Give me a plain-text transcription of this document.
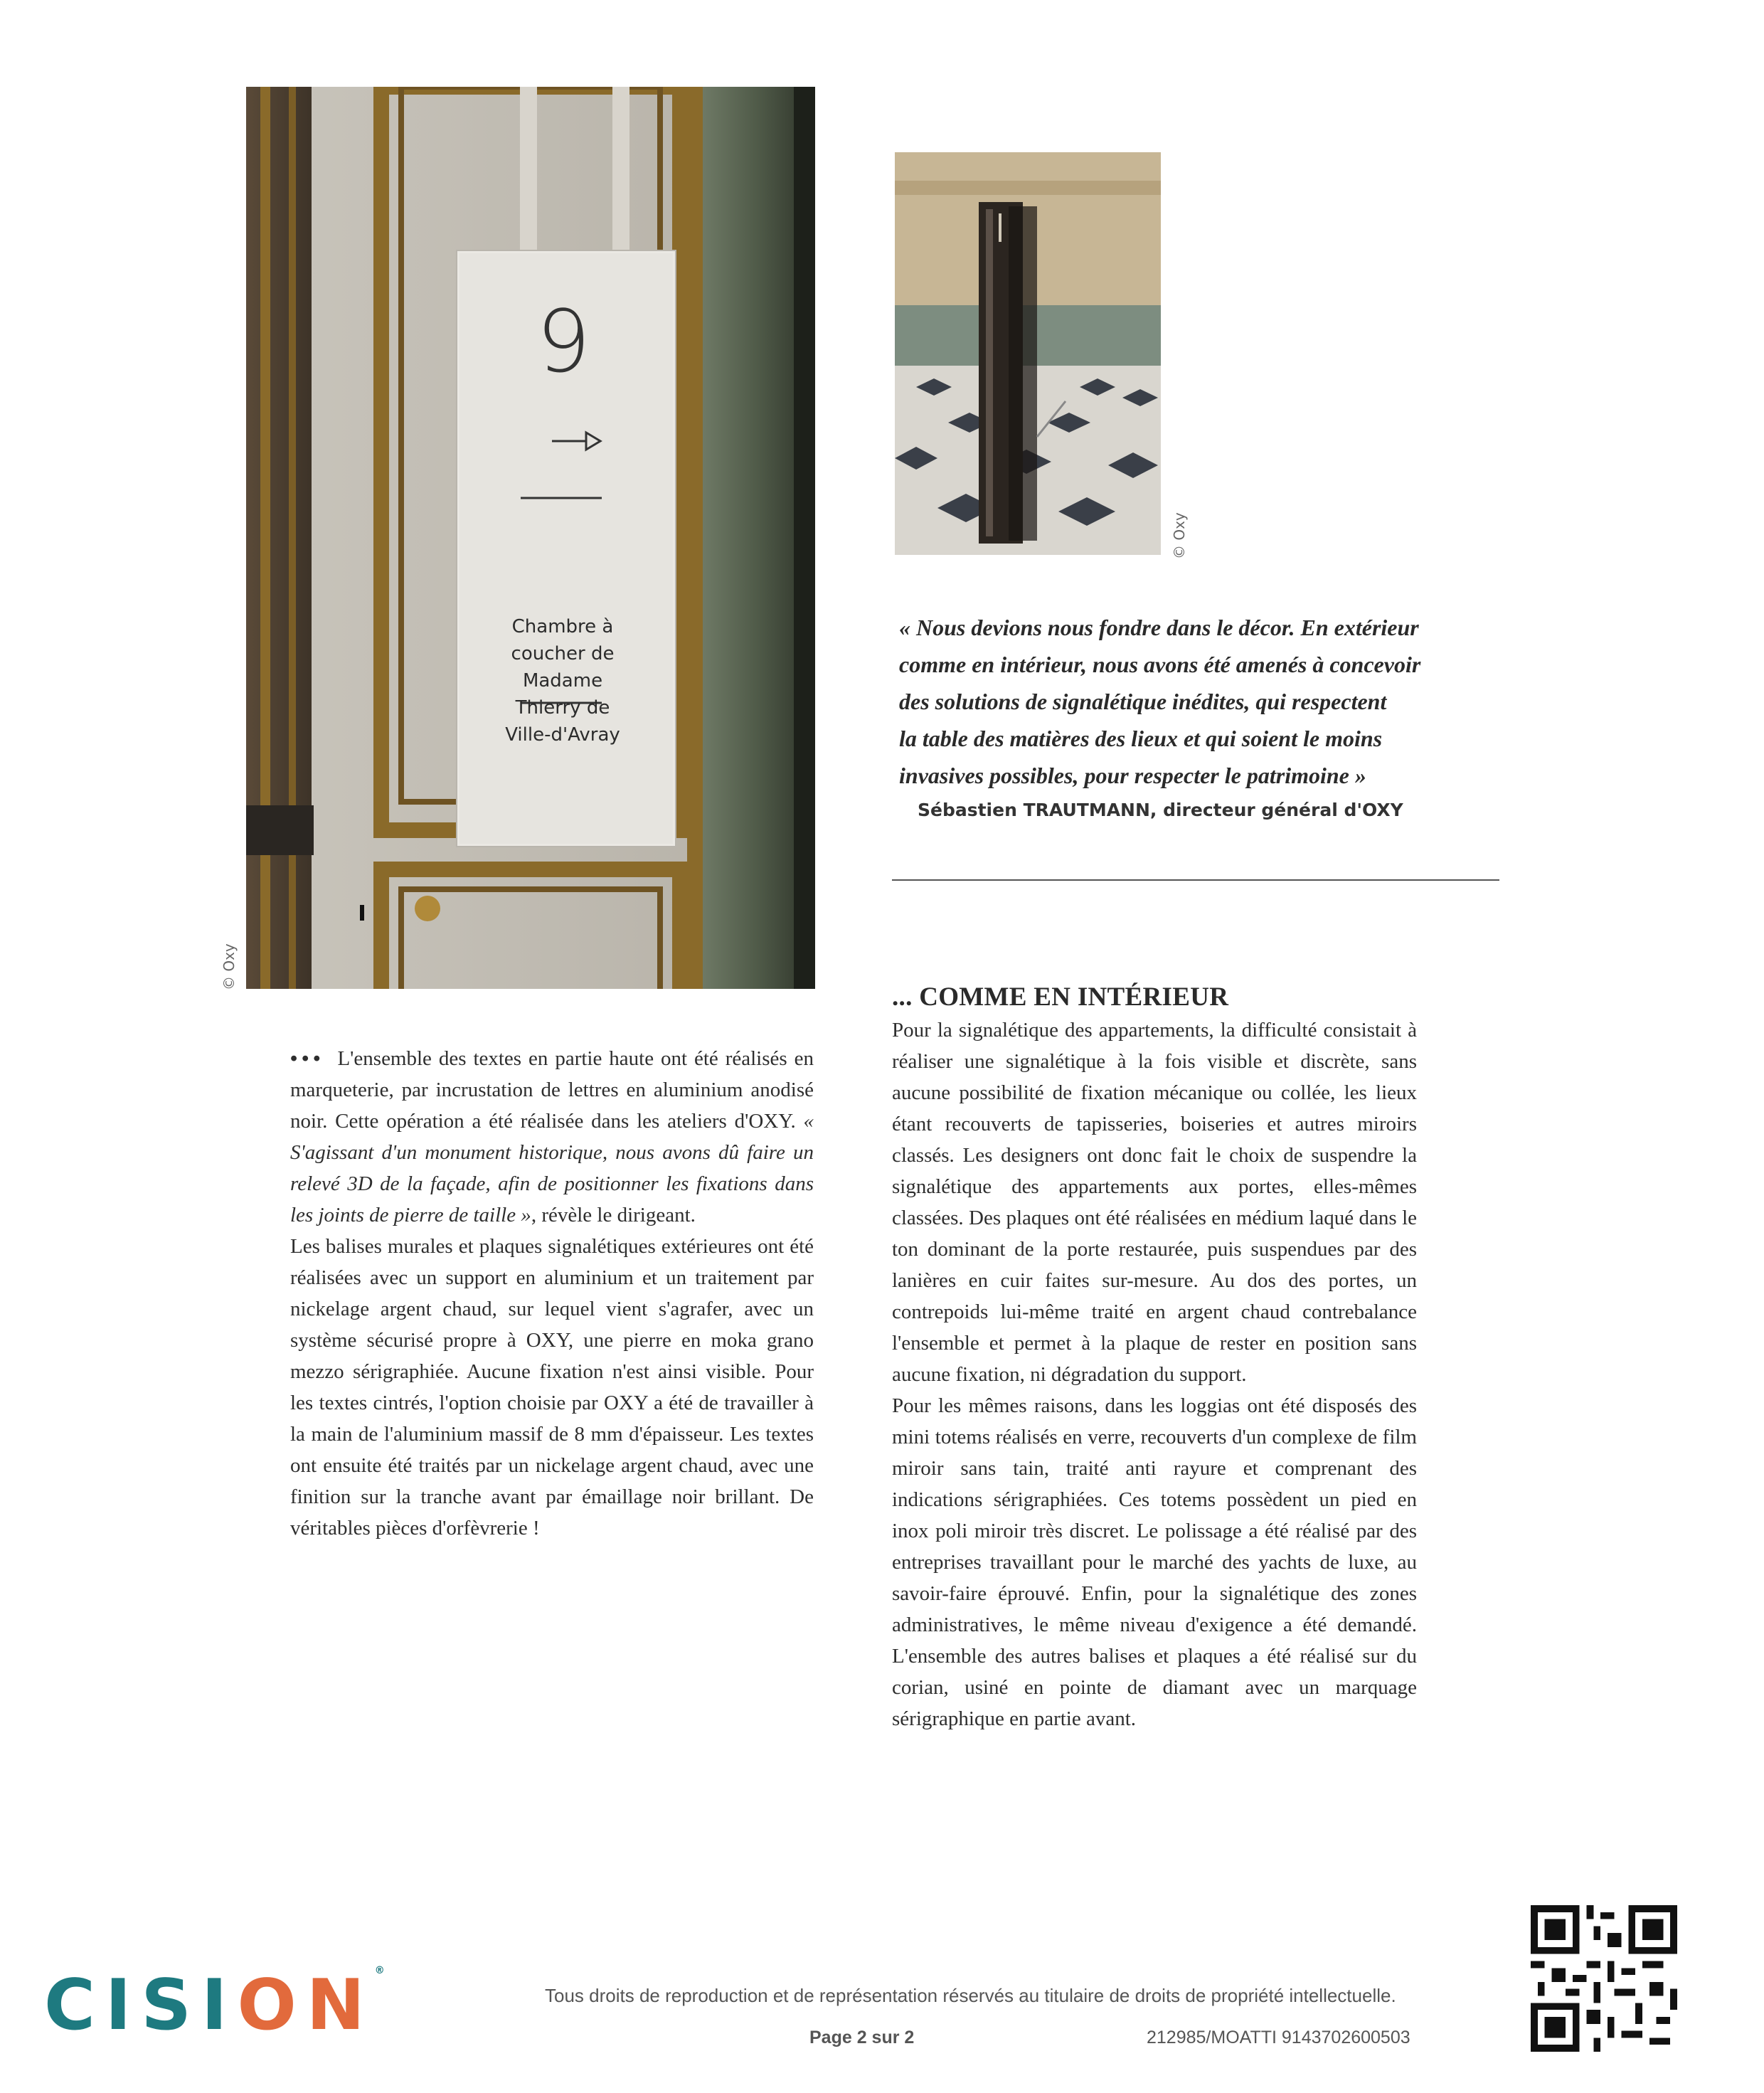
9
Chambre à
coucher de
Madame
Thierry de
Ville-d'Avray
© Oxy
© Oxy
« Nous devions nous fondre dans le décor. En extérieur
comme en intérieur, nous avons été amenés à concevoir
des solutions de signalétique inédites, qui respectent
la table des matières des lieux et qui soient le moins
invasives possibles, pour respecter le patrimoine »
Sébastien TRAUTMANN, directeur général d'OXY

••• L'ensemble des textes en partie haute ont été réalisés en marqueterie, par incrustation de lettres en aluminium anodisé noir. Cette opération a été réalisée dans les ateliers d'OXY. « S'agissant d'un monument historique, nous avons dû faire un relevé 3D de la façade, afin de positionner les fixations dans les joints de pierre de taille », révèle le dirigeant.

Les balises murales et plaques signalétiques extérieures ont été réalisées avec un support en aluminium et un traitement par nickelage argent chaud, sur lequel vient s'agrafer, avec un système sécurisé propre à OXY, une pierre en moka grano mezzo sérigraphiée. Aucune fixation n'est ainsi visible. Pour les textes cintrés, l'option choisie par OXY a été de travailler à la main de l'aluminium massif de 8 mm d'épaisseur. Les textes ont ensuite été traités par un nickelage argent chaud, avec une finition sur la tranche avant par émaillage noir brillant. De véritables pièces d'orfèvrerie !

... COMME EN INTÉRIEUR

Pour la signalétique des appartements, la difficulté consistait à réaliser une signalétique à la fois visible et discrète, sans aucune possibilité de fixation mécanique ou collée, les lieux étant recouverts de tapisseries, boiseries et autres miroirs classés. Les designers ont donc fait le choix de suspendre la signalétique des appartements aux portes, elles-mêmes classées. Des plaques ont été réalisées en médium laqué dans le ton dominant de la porte restaurée, puis suspendues par des lanières en cuir faites sur-mesure. Au dos des portes, un contrepoids lui-même traité en argent chaud contrebalance l'ensemble et permet à la plaque de rester en position sans aucune fixation, ni dégradation du support.

Pour les mêmes raisons, dans les loggias ont été disposés des mini totems réalisés en verre, recouverts d'un complexe de film miroir sans tain, traité anti rayure et comprenant des indications sérigraphiées. Ces totems possèdent un pied en inox poli miroir très discret. Le polissage a été réalisé par des entreprises travaillant pour le marché des yachts de luxe, au savoir-faire éprouvé. Enfin, pour la signalétique des zones administratives, le même niveau d'exigence a été demandé. L'ensemble des autres balises et plaques a été réalisé sur du corian, usiné en pointe de diamant avec un marquage sérigraphique en partie avant.

CISION®
Tous droits de reproduction et de représentation réservés au titulaire de droits de propriété intellectuelle.
Page 2 sur 2	212985/MOATTI 9143702600503
